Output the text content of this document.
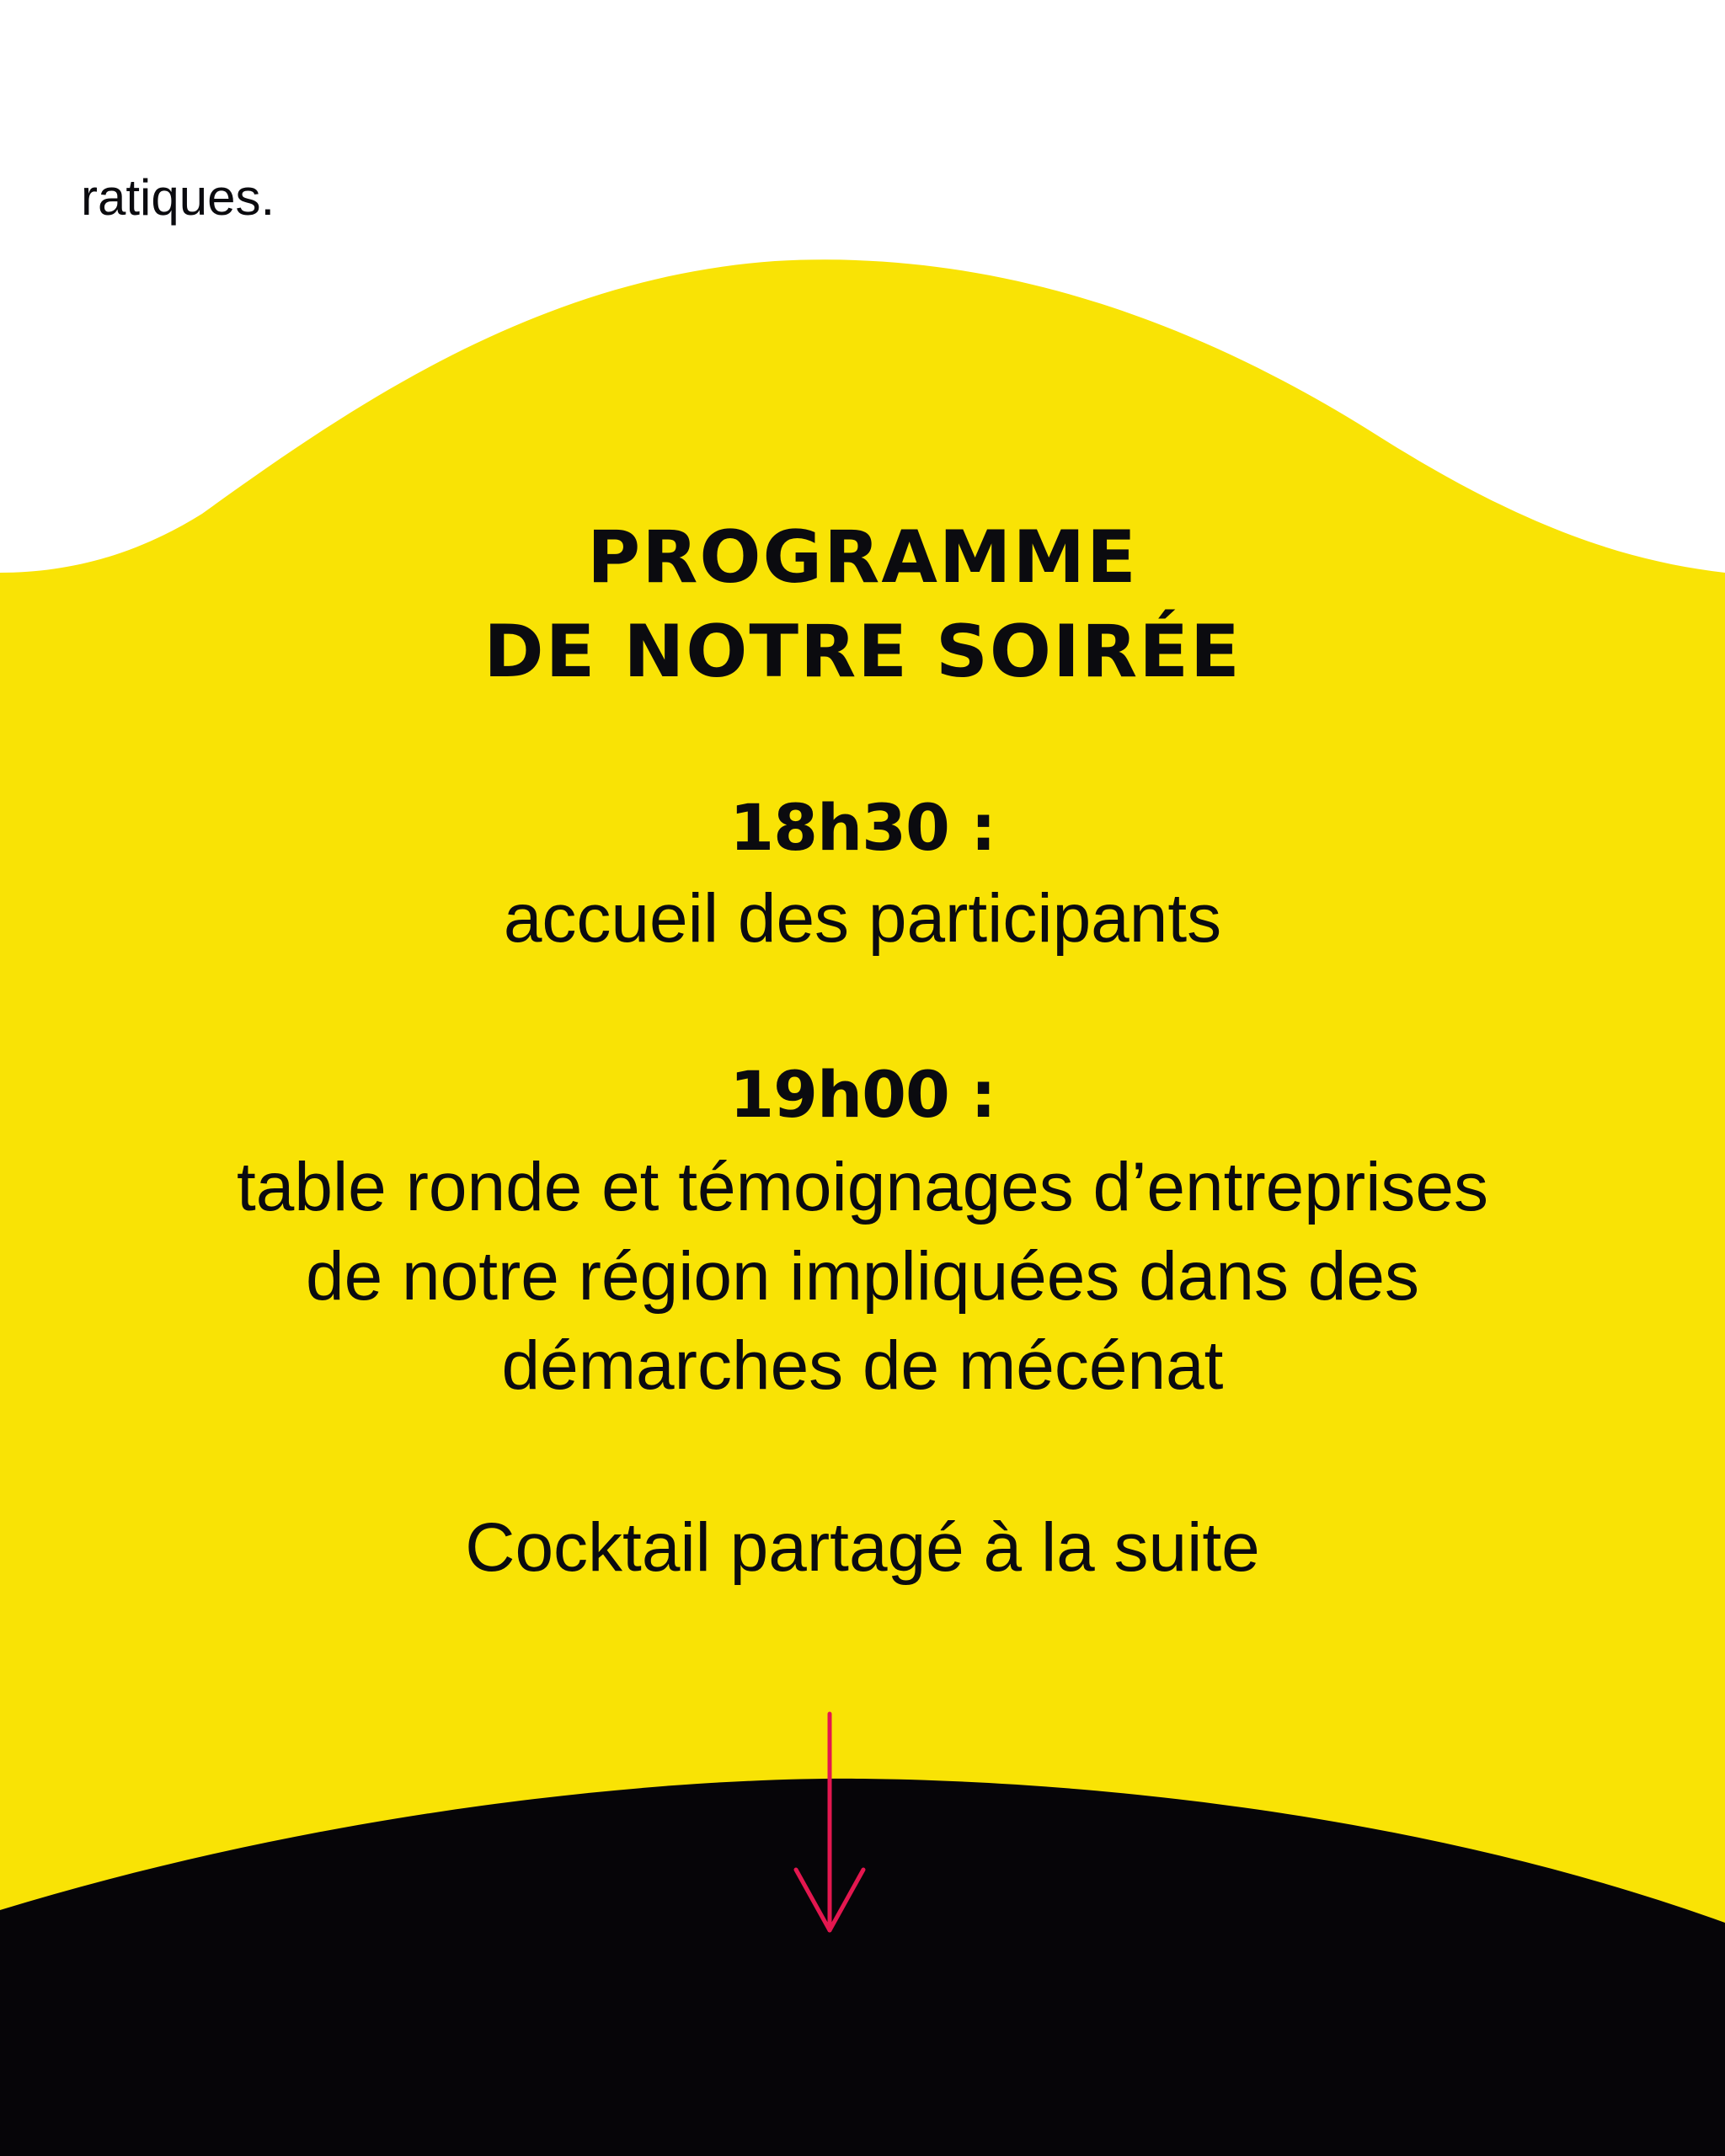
ratiques.
PROGRAMME
DE NOTRE SOIRÉE

18h30 :

accueil des participants

19h00 :

table ronde et témoignages d’entreprises
de notre région impliquées dans des
démarches de mécénat

Cocktail partagé à la suite
